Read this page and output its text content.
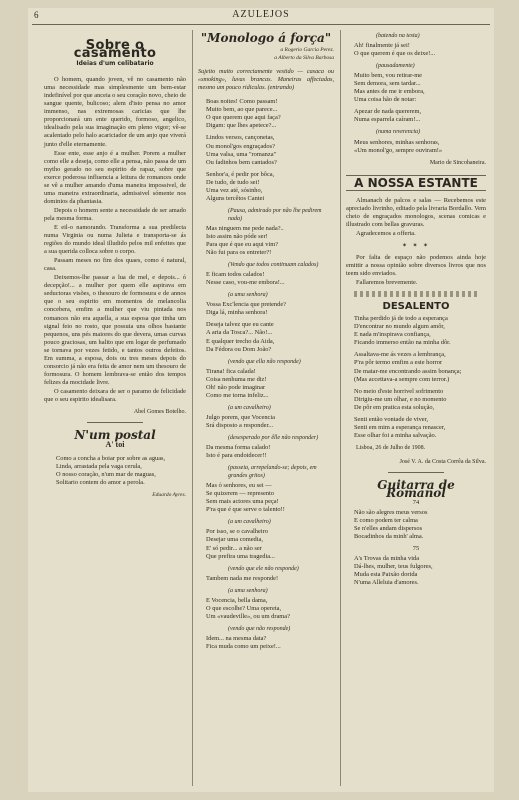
6	AZULEJOS
Sobre o casamento
Ideias d'um celibatario

O homem, quando joven, vê no casamento não uma necessidade mas simplesmente um bem-estar indefinível por que anceia o seu coração novo, cheio de sangue quente, bulicoso; alem d'isto pensa no amor immenso, nas extremosas caricias que lhe proporcionará um ente querido, formoso, angelico, idealisado pela sua imaginação em pleno vigor; vê-se acalentado pelo halo acariciador de um anjo que viverá junto d'elle eternamente.

Esse ente, esse anjo é a mulher. Porem a mulher como elle a deseja, como elle a pensa, não passa de um mytho gerado no seu espirito de rapaz, sobre que exerce poderosa influencia a leitura de romances onde se vê a mulher amando d'uma maneira impossivel, de uma maneira extraordinaria, admissivel sómente nos dominios da phantasia.

Depois o homem sente a necessidade de ser amado pela mesma forma.

E eil-o namorando. Transforma a sua predilecta numa Virginia ou numa Julieta e transporta-se ás regiões do mundo ideal illudido pelos mil enfeites que a sua querida colloca sobre o corpo.

Passam meses no fim dos quaes, como é natural, casa.

Deixemos-lhe passar a lua de mel, e depois... ó decepção!... a mulher por quem elle aspirava em seductoras visões, o thesouro de formosura e de annos que o seu espirito em momentos de melancolia concebera, emfim a mulher que viu pintada nos romances não era aquella, a sua esposa que tinha um signal feio no rosto, que possuia uns olhos bastante pequenos, uns pés maiores do que devera, umas curvas pouco graciosas, um halito que em logar de perfumado se tornava por vezes fetido, e tantos outros defeitos. Em summa, a esposa, dois ou tres meses depois do consorcio já não era feita de amor nem um thesouro de formosura. O homem lembrava-se então dos tempos felizes da mocidade livre.

O casamento deixara de ser o paramo de felicidade que o seu espirito idealisara.

Abel Gomes Botelho.
N'um postal
A' toi
Como a concha a boiar por sobre as aguas,
Linda, arrastada pela vaga cerula,
O nosso coração, n'um mar de maguas,
Solitario contem do amor a perola.
Eduardo Ayres.
"Monologo á força"
a Rogerio Garcia Perez.
a Alberto da Silva Barbosa
Sujeito muito correctamente vestido — casaca ou «smoking», luvas brancas. Maneiras affectadas, mesmo um pouco ridiculas. (entrando)
Boas noites! Como passam!
Muito bem, ao que parece...
O que querem que aqui faça?
Digam: que lhes apetece?...
Lindos versos, cançonetas,
Ou monol'gos engraçados?
Uma valsa, uma "romanza"
Ou fadinhos bem cantados?
Senhor'a, é pedir por bôca,
De tudo, de tudo sei!
Uma vez até, sósinho,
Alguns tercêtos Cantei
(Pausa, admirado por não lhe pedirem nada)
Mas ninguem me pede nada?..
Isto assim não póde ser!
Para que é que eu aqui vim?
Não fui para os entreter?!
(Vendo que todos continuam calados)
E ficam todos calados!
Nesse caso, vou-me embora!...
(a uma senhora)
Vossa Exc'lencia que pretende?
Diga lá, minha senhora!
Deseja talvez que eu cante
A aria da Tosca?... Não!...
E qualquer trecho da Aida,
Da Fédora ou Dom João?
(vendo que ella não responde)
Tirana! fica calada!
Coisa nenhuma me diz!
Oh! não pode imaginar
Como me torna infeliz...
(a um cavalheiro)
Julgo porem, que Vocencia
Srá disposto a responder...
(desesperado por êlle não responder)
Da mesma forma calado!
Isto é para endoidecer!!
(passeia, arrepelando-se; depois, em grandes gritos)
Mas ó senhores, eu sei —
Se quizerem — represento
Sem mais actores uma peça!
P'ra que é que serve o talento!!
(a um cavalheiro)
Por isso, se o cavalheiro
Desejar uma comedia,
E' só pedir... a não ser
Que prefira uma tragedia...
(vendo que ele não responde)
Tambem nada me responde!
(a uma senhora)
E Vocencia, bella dama,
O que escolhe? Uma opereta,
Um «vaudeville», ou um drama?
(vendo que não responde)
Idem... na mesma data?
Fica muda como um peixe!...
(batendo na testa)
Ah! finalmente já sei!
O que querem é que os deixe!...
(pausadamente)
Muito bem, vou retirar-me
Sem demora, sem tardar...
Mas antes de me ir embora,
Uma coisa hão de notar:
Apezar de nada quererem,
Numa esparrela caíram!...
(numa reverencia)
Meus senhores, minhas senhoras,
«Um monol'go, sempre ouviram!»
Mario de Sincohaneira.
A NOSSA ESTANTE

Almanach de palcos e salas — Recebemos este apreciado livrinho, editado pela livraria Bordallo. Vem cheio de engraçados monologos, scenas comicas e illustrado com bellas gravuras.

Agradecemos a offerta.

✶ ✶ ✶

Por falta de espaço não podemos ainda hoje emittir a nossa opinião sobre diversos livros que nos teem sido enviados.

Fallaremos brevemente.

DESALENTO
Tinha perdido já de todo a esperança
D'encontrar no mundo algum amôr,
E nada m'inspirava confiança,
Ficando immerso então na minha dôr.
Assaltava-me ás vezes a lembrança,
P'ra pôr termo emfim a este horror
De matar-me encontrando assim bonança;
(Mas accettava-a sempre com terror.)
No meio d'este horrivel sofrimento
Dirigiu-me um olhar, e no momento
De pôr em pratica esta solução,
Senti então vontade de viver,
Senti em mim a esperança renascer,
Esse olhar foi a minha salvação.
Lisboa, 26 de Julho de 1908.
José V. A. da Costa Corrêa da Silva.
Guitarra de Romanol
74
Não são alegres meus versos
E como podem ter calma
Se n'elles andam dispersos
Bocadinhos da minh' alma.
75
A's Trovas da minha vida
Dá-lhes, mulher, teus fulgores,
Muda esta Paixão dorida
N'uma Alleluia d'amores.
